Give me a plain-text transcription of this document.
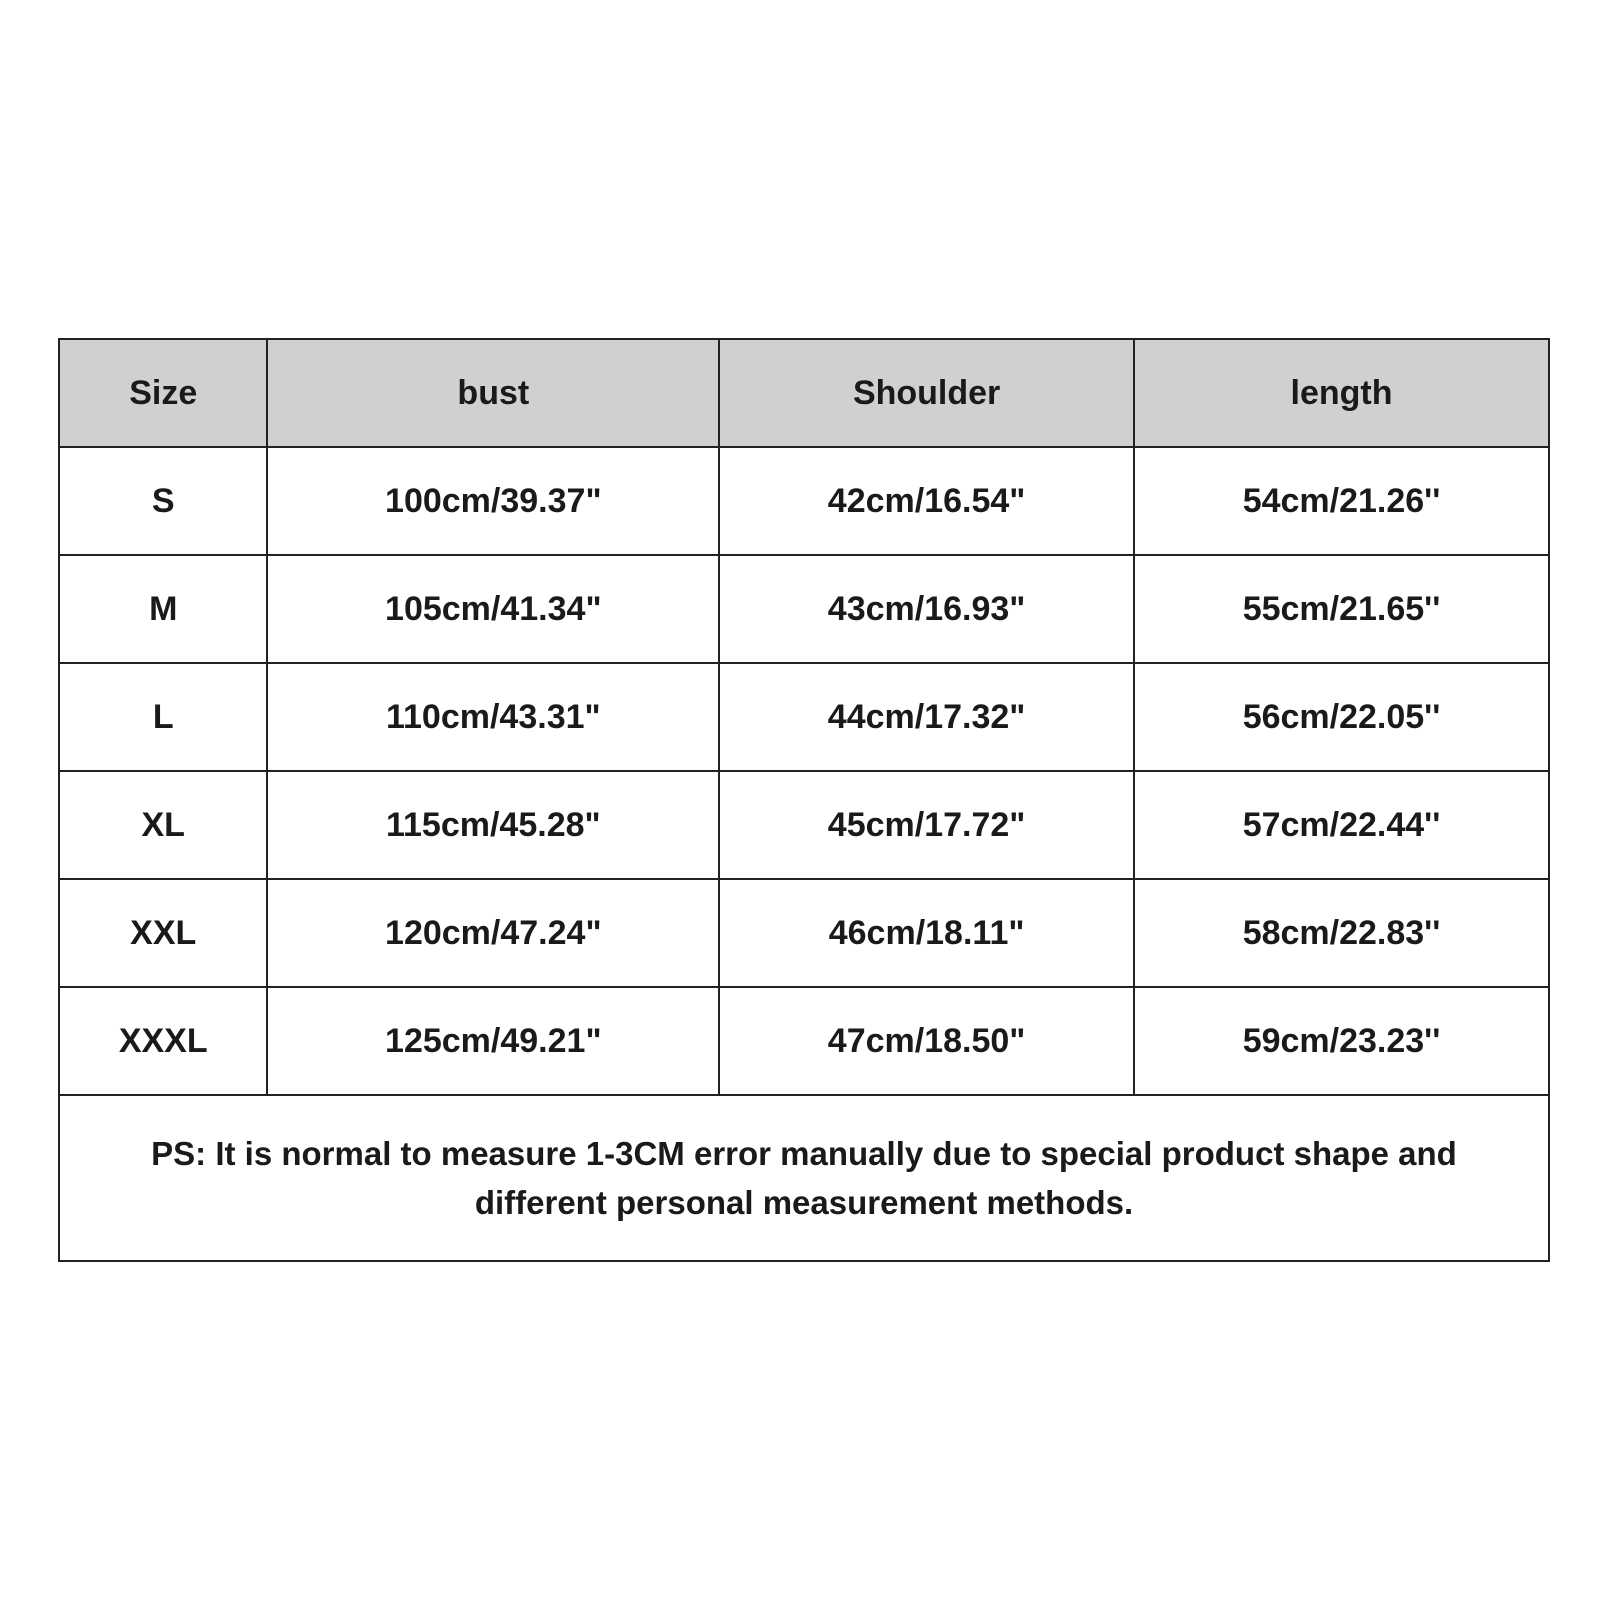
Size	bust	Shoulder	length
S	100cm/39.37"	42cm/16.54"	54cm/21.26''
M	105cm/41.34"	43cm/16.93"	55cm/21.65''
L	110cm/43.31"	44cm/17.32"	56cm/22.05''
XL	115cm/45.28"	45cm/17.72"	57cm/22.44''
XXL	120cm/47.24"	46cm/18.11"	58cm/22.83''
XXXL	125cm/49.21"	47cm/18.50"	59cm/23.23''
PS: It is normal to measure 1-3CM error manually due to special product shape and different personal measurement methods.			
